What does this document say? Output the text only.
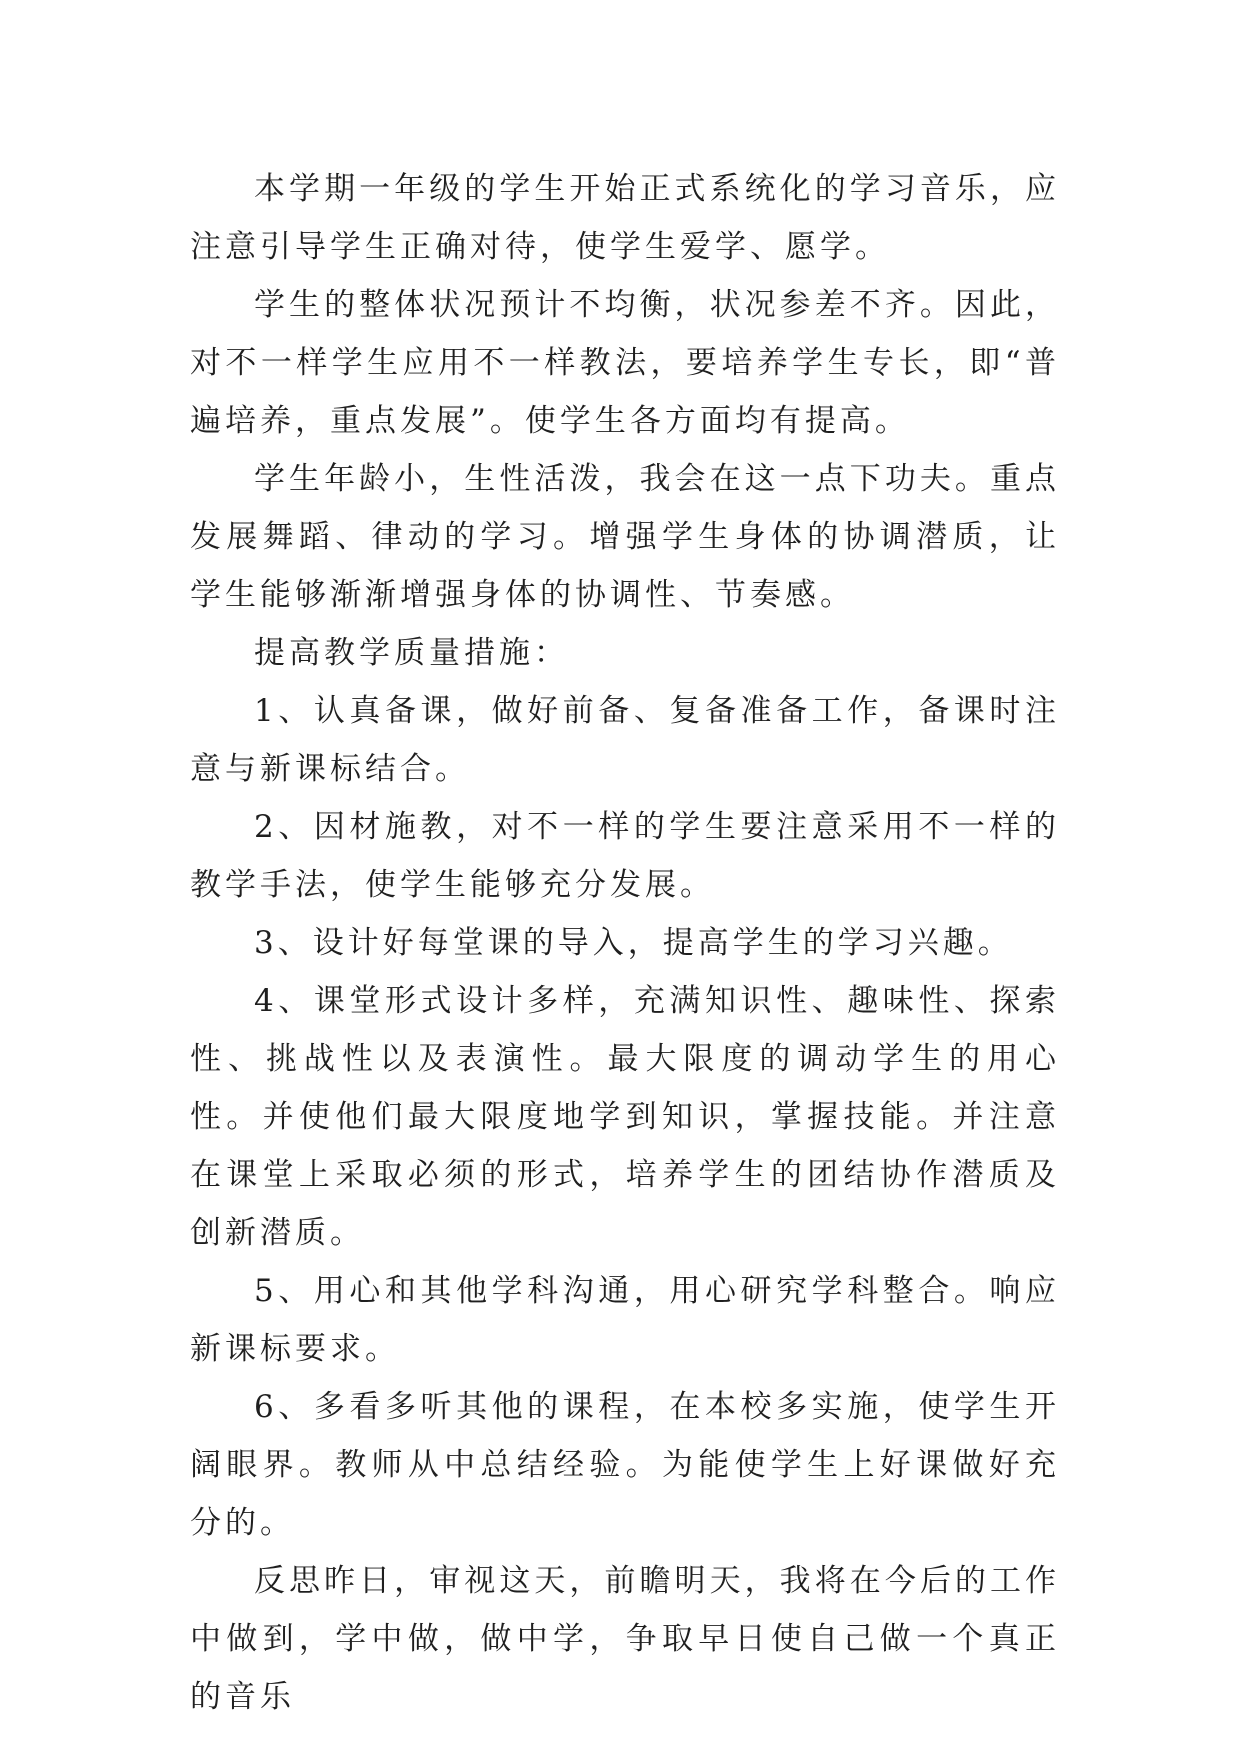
本学期一年级的学生开始正式系统化的学习音乐，应注意引导学生正确对待，使学生爱学、愿学。

学生的整体状况预计不均衡，状况参差不齐。因此，对不一样学生应用不一样教法，要培养学生专长，即“普遍培养，重点发展”。使学生各方面均有提高。

学生年龄小，生性活泼，我会在这一点下功夫。重点发展舞蹈、律动的学习。增强学生身体的协调潜质，让学生能够渐渐增强身体的协调性、节奏感。

提高教学质量措施：

1、认真备课，做好前备、复备准备工作，备课时注意与新课标结合。

2、因材施教，对不一样的学生要注意采用不一样的教学手法，使学生能够充分发展。

3、设计好每堂课的导入，提高学生的学习兴趣。

4、课堂形式设计多样，充满知识性、趣味性、探索性、挑战性以及表演性。最大限度的调动学生的用心性。并使他们最大限度地学到知识，掌握技能。并注意在课堂上采取必须的形式，培养学生的团结协作潜质及创新潜质。

5、用心和其他学科沟通，用心研究学科整合。响应新课标要求。

6、多看多听其他的课程，在本校多实施，使学生开阔眼界。教师从中总结经验。为能使学生上好课做好充分的。

反思昨日，审视这天，前瞻明天，我将在今后的工作中做到，学中做，做中学，争取早日使自己做一个真正的音乐
